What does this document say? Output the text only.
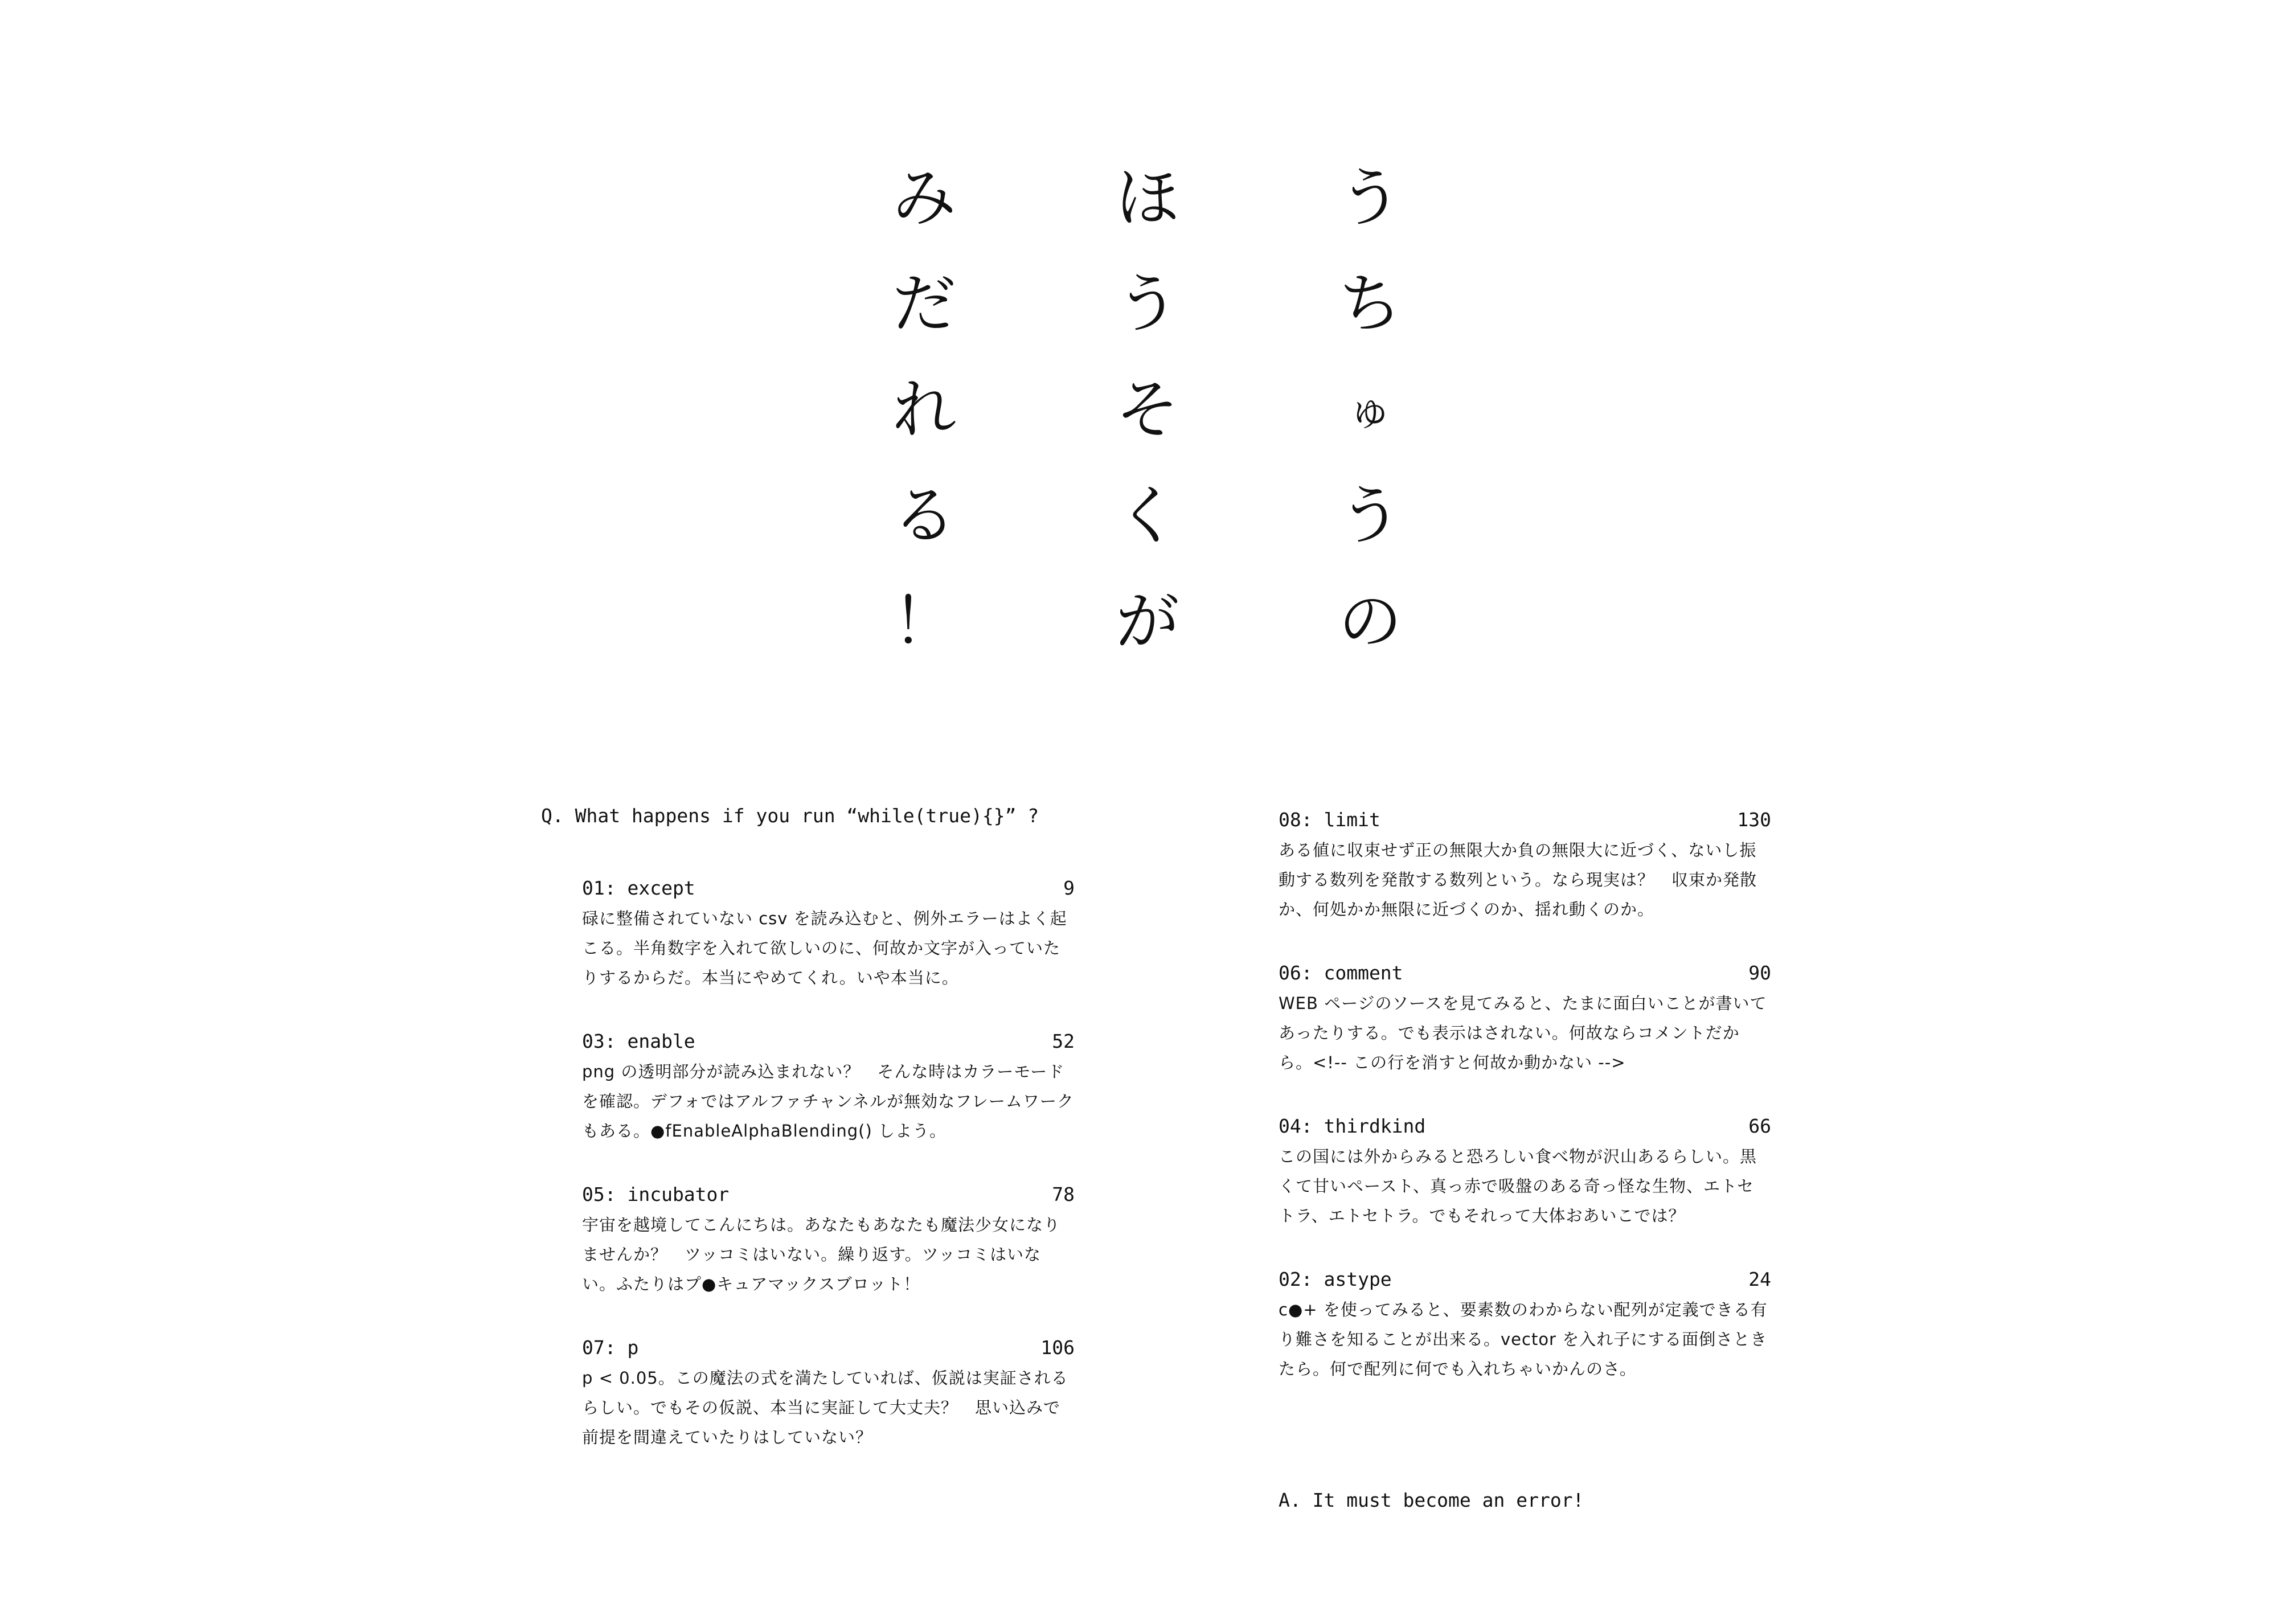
う
ち
ゅ
う
の
ほ
う
そ
く
が
み
だ
れ
る
！
Q. What happens if you run “while(true){}” ?
01: except	9
碌に整備されていない csv を読み込むと、例外エラーはよく起こる。半角数字を入れて欲しいのに、何故か文字が入っていたりするからだ。本当にやめてくれ。いや本当に。
03: enable	52
png の透明部分が読み込まれない？　そんな時はカラーモードを確認。デフォではアルファチャンネルが無効なフレームワークもある。●fEnableAlphaBlending() しよう。
05: incubator	78
宇宙を越境してこんにちは。あなたもあなたも魔法少女になりませんか？　ツッコミはいない。繰り返す。ツッコミはいない。ふたりはプ●キュアマックスブロット！
07: p	106
p < 0.05。この魔法の式を満たしていれば、仮説は実証されるらしい。でもその仮説、本当に実証して大丈夫？　思い込みで前提を間違えていたりはしていない？
08: limit	130
ある値に収束せず正の無限大か負の無限大に近づく、ないし振動する数列を発散する数列という。なら現実は？　収束か発散か、何処かか無限に近づくのか、揺れ動くのか。
06: comment	90
WEB ページのソースを見てみると、たまに面白いことが書いてあったりする。でも表示はされない。何故ならコメントだから。<!-- この行を消すと何故か動かない -->
04: thirdkind	66
この国には外からみると恐ろしい食べ物が沢山あるらしい。黒くて甘いペースト、真っ赤で吸盤のある奇っ怪な生物、エトセトラ、エトセトラ。でもそれって大体おあいこでは？
02: astype	24
c●+ を使ってみると、要素数のわからない配列が定義できる有り難さを知ることが出来る。vector を入れ子にする面倒さときたら。何で配列に何でも入れちゃいかんのさ。
A. It must become an error!
